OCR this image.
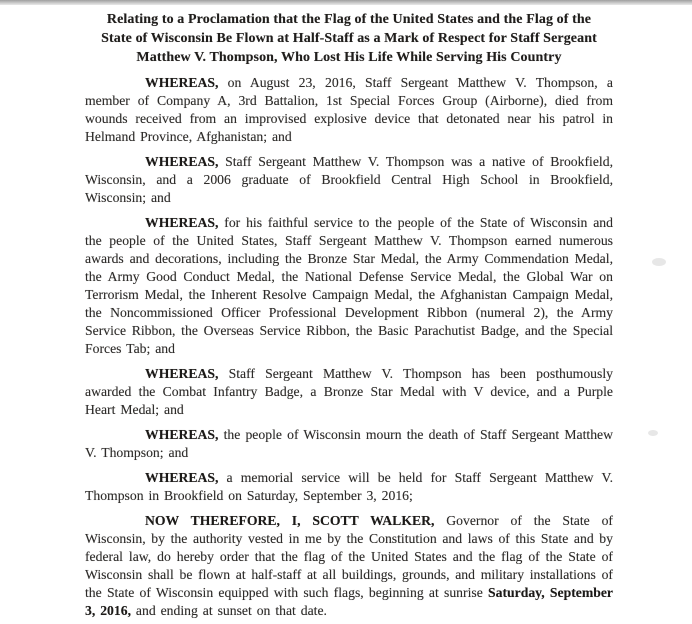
Relating to a Proclamation that the Flag of the United States and the Flag of the
State of Wisconsin Be Flown at Half-Staff as a Mark of Respect for Staff Sergeant
Matthew V. Thompson, Who Lost His Life While Serving His Country

WHEREAS, on August 23, 2016, Staff Sergeant Matthew V. Thompson, a member of Company A, 3rd Battalion, 1st Special Forces Group (Airborne), died from wounds received from an improvised explosive device that detonated near his patrol in Helmand Province, Afghanistan; and

WHEREAS, Staff Sergeant Matthew V. Thompson was a native of Brookfield, Wisconsin, and a 2006 graduate of Brookfield Central High School in Brookfield, Wisconsin; and

WHEREAS, for his faithful service to the people of the State of Wisconsin and the people of the United States, Staff Sergeant Matthew V. Thompson earned numerous awards and decorations, including the Bronze Star Medal, the Army Commendation Medal, the Army Good Conduct Medal, the National Defense Service Medal, the Global War on Terrorism Medal, the Inherent Resolve Campaign Medal, the Afghanistan Campaign Medal, the Noncommissioned Officer Professional Development Ribbon (numeral 2), the Army Service Ribbon, the Overseas Service Ribbon, the Basic Parachutist Badge, and the Special Forces Tab; and

WHEREAS, Staff Sergeant Matthew V. Thompson has been posthumously awarded the Combat Infantry Badge, a Bronze Star Medal with V device, and a Purple Heart Medal; and

WHEREAS, the people of Wisconsin mourn the death of Staff Sergeant Matthew V. Thompson; and

WHEREAS, a memorial service will be held for Staff Sergeant Matthew V. Thompson in Brookfield on Saturday, September 3, 2016;

NOW THEREFORE, I, SCOTT WALKER, Governor of the State of Wisconsin, by the authority vested in me by the Constitution and laws of this State and by federal law, do hereby order that the flag of the United States and the flag of the State of Wisconsin shall be flown at half-staff at all buildings, grounds, and military installations of the State of Wisconsin equipped with such flags, beginning at sunrise Saturday, September 3, 2016, and ending at sunset on that date.
